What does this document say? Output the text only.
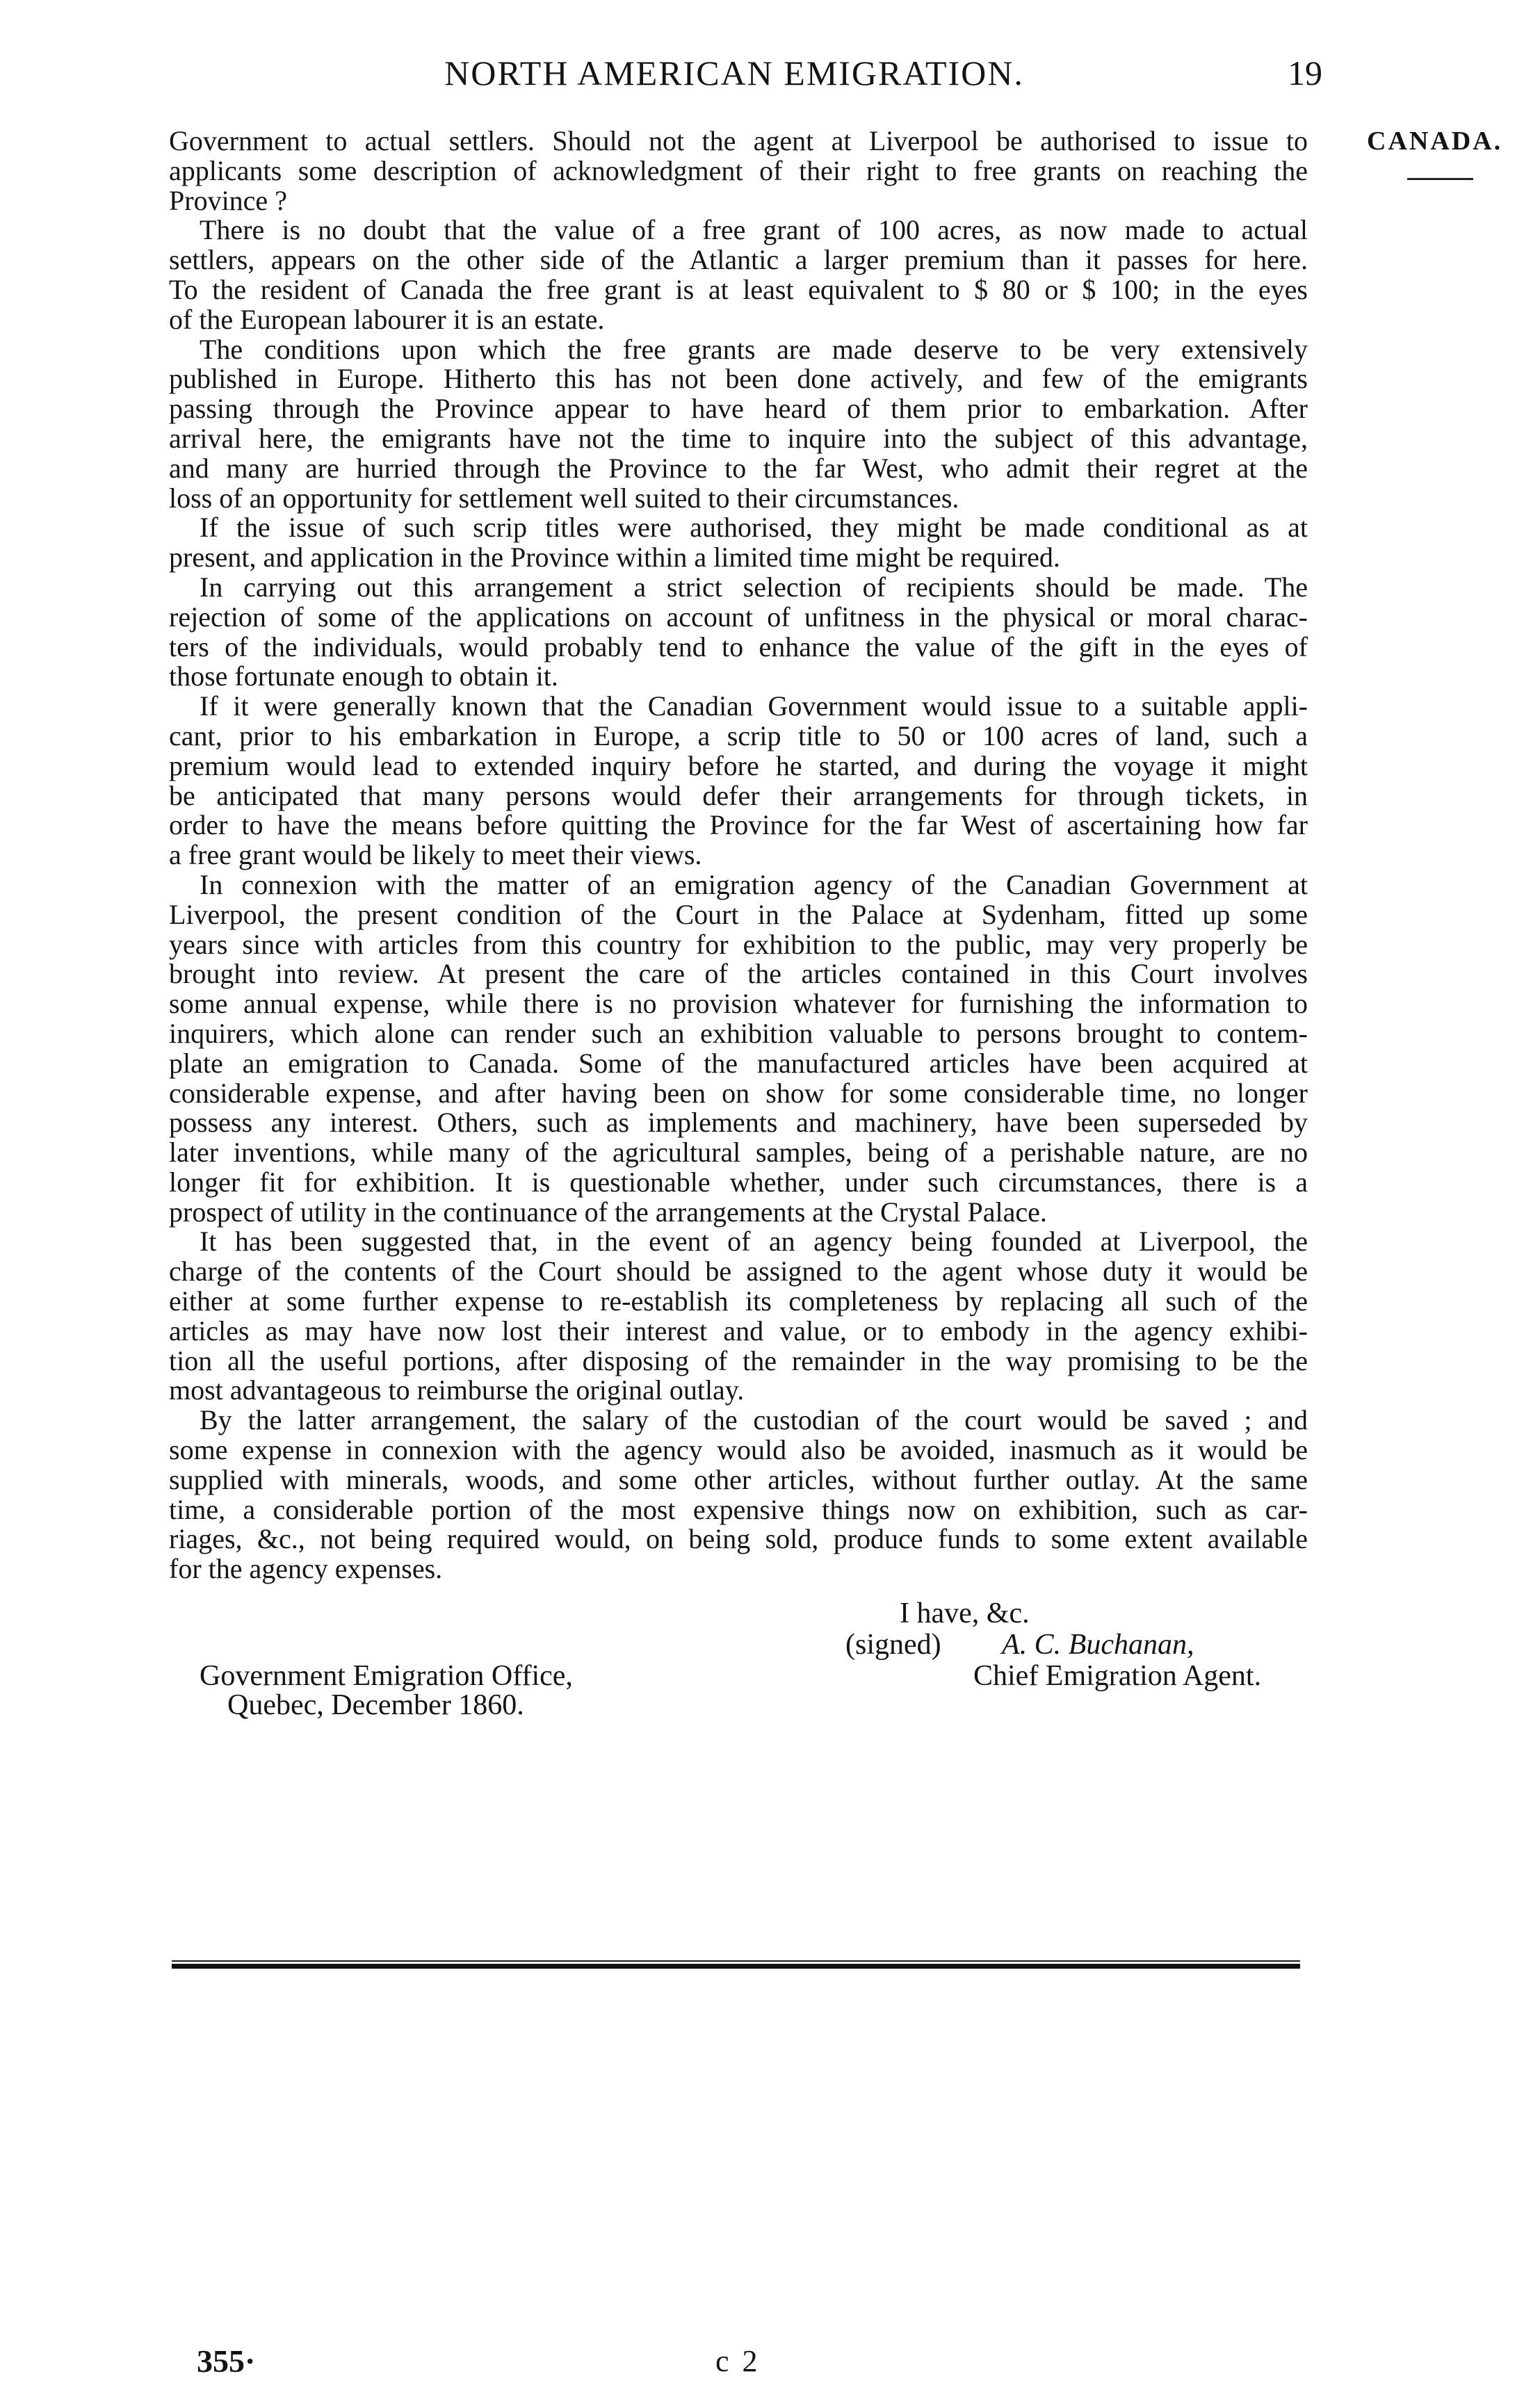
NORTH AMERICAN EMIGRATION.	19
CANADA.
Government to actual settlers. Should not the agent at Liverpool be authorised to issue to
applicants some description of acknowledgment of their right to free grants on reaching the
Province ?
There is no doubt that the value of a free grant of 100 acres, as now made to actual
settlers, appears on the other side of the Atlantic a larger premium than it passes for here.
To the resident of Canada the free grant is at least equivalent to $ 80 or $ 100; in the eyes
of the European labourer it is an estate.
The conditions upon which the free grants are made deserve to be very extensively
published in Europe. Hitherto this has not been done actively, and few of the emigrants
passing through the Province appear to have heard of them prior to embarkation. After
arrival here, the emigrants have not the time to inquire into the subject of this advantage,
and many are hurried through the Province to the far West, who admit their regret at the
loss of an opportunity for settlement well suited to their circumstances.
If the issue of such scrip titles were authorised, they might be made conditional as at
present, and application in the Province within a limited time might be required.
In carrying out this arrangement a strict selection of recipients should be made. The
rejection of some of the applications on account of unfitness in the physical or moral charac-
ters of the individuals, would probably tend to enhance the value of the gift in the eyes of
those fortunate enough to obtain it.
If it were generally known that the Canadian Government would issue to a suitable appli-
cant, prior to his embarkation in Europe, a scrip title to 50 or 100 acres of land, such a
premium would lead to extended inquiry before he started, and during the voyage it might
be anticipated that many persons would defer their arrangements for through tickets, in
order to have the means before quitting the Province for the far West of ascertaining how far
a free grant would be likely to meet their views.
In connexion with the matter of an emigration agency of the Canadian Government at
Liverpool, the present condition of the Court in the Palace at Sydenham, fitted up some
years since with articles from this country for exhibition to the public, may very properly be
brought into review. At present the care of the articles contained in this Court involves
some annual expense, while there is no provision whatever for furnishing the information to
inquirers, which alone can render such an exhibition valuable to persons brought to contem-
plate an emigration to Canada. Some of the manufactured articles have been acquired at
considerable expense, and after having been on show for some considerable time, no longer
possess any interest. Others, such as implements and machinery, have been superseded by
later inventions, while many of the agricultural samples, being of a perishable nature, are no
longer fit for exhibition. It is questionable whether, under such circumstances, there is a
prospect of utility in the continuance of the arrangements at the Crystal Palace.
It has been suggested that, in the event of an agency being founded at Liverpool, the
charge of the contents of the Court should be assigned to the agent whose duty it would be
either at some further expense to re-establish its completeness by replacing all such of the
articles as may have now lost their interest and value, or to embody in the agency exhibi-
tion all the useful portions, after disposing of the remainder in the way promising to be the
most advantageous to reimburse the original outlay.
By the latter arrangement, the salary of the custodian of the court would be saved ; and
some expense in connexion with the agency would also be avoided, inasmuch as it would be
supplied with minerals, woods, and some other articles, without further outlay. At the same
time, a considerable portion of the most expensive things now on exhibition, such as car-
riages, &c., not being required would, on being sold, produce funds to some extent available
for the agency expenses.
I have, &c.
(signed) A. C. Buchanan,
Chief Emigration Agent.
Government Emigration Office,
Quebec, December 1860.
355·	c 2
